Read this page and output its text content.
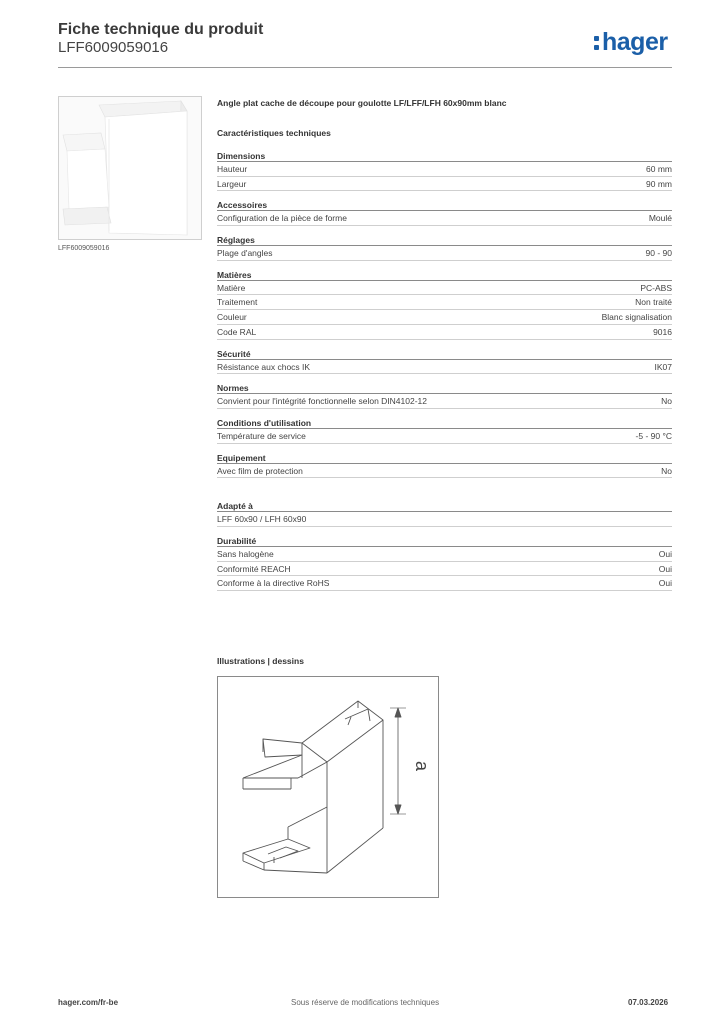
Fiche technique du produit
LFF6009059016	hager
LFF6009059016
Angle plat cache de découpe pour goulotte LF/LFF/LFH 60x90mm blanc
Caractéristiques techniques
Dimensions
Hauteur	60 mm
Largeur	90 mm
Accessoires
Configuration de la pièce de forme	Moulé
Réglages
Plage d'angles	90 - 90
Matières
Matière	PC-ABS
Traitement	Non traité
Couleur	Blanc signalisation
Code RAL	9016
Sécurité
Résistance aux chocs IK	IK07
Normes
Convient pour l'intégrité fonctionnelle selon DIN4102-12	No
Conditions d'utilisation
Température de service	-5 - 90 °C
Equipement
Avec film de protection	No
Adapté à
LFF 60x90 / LFH 60x90
Durabilité
Sans halogène	Oui
Conformité REACH	Oui
Conforme à la directive RoHS	Oui
Illustrations | dessins
a
hager.com/fr-be	Sous réserve de modifications techniques	07.03.2026
